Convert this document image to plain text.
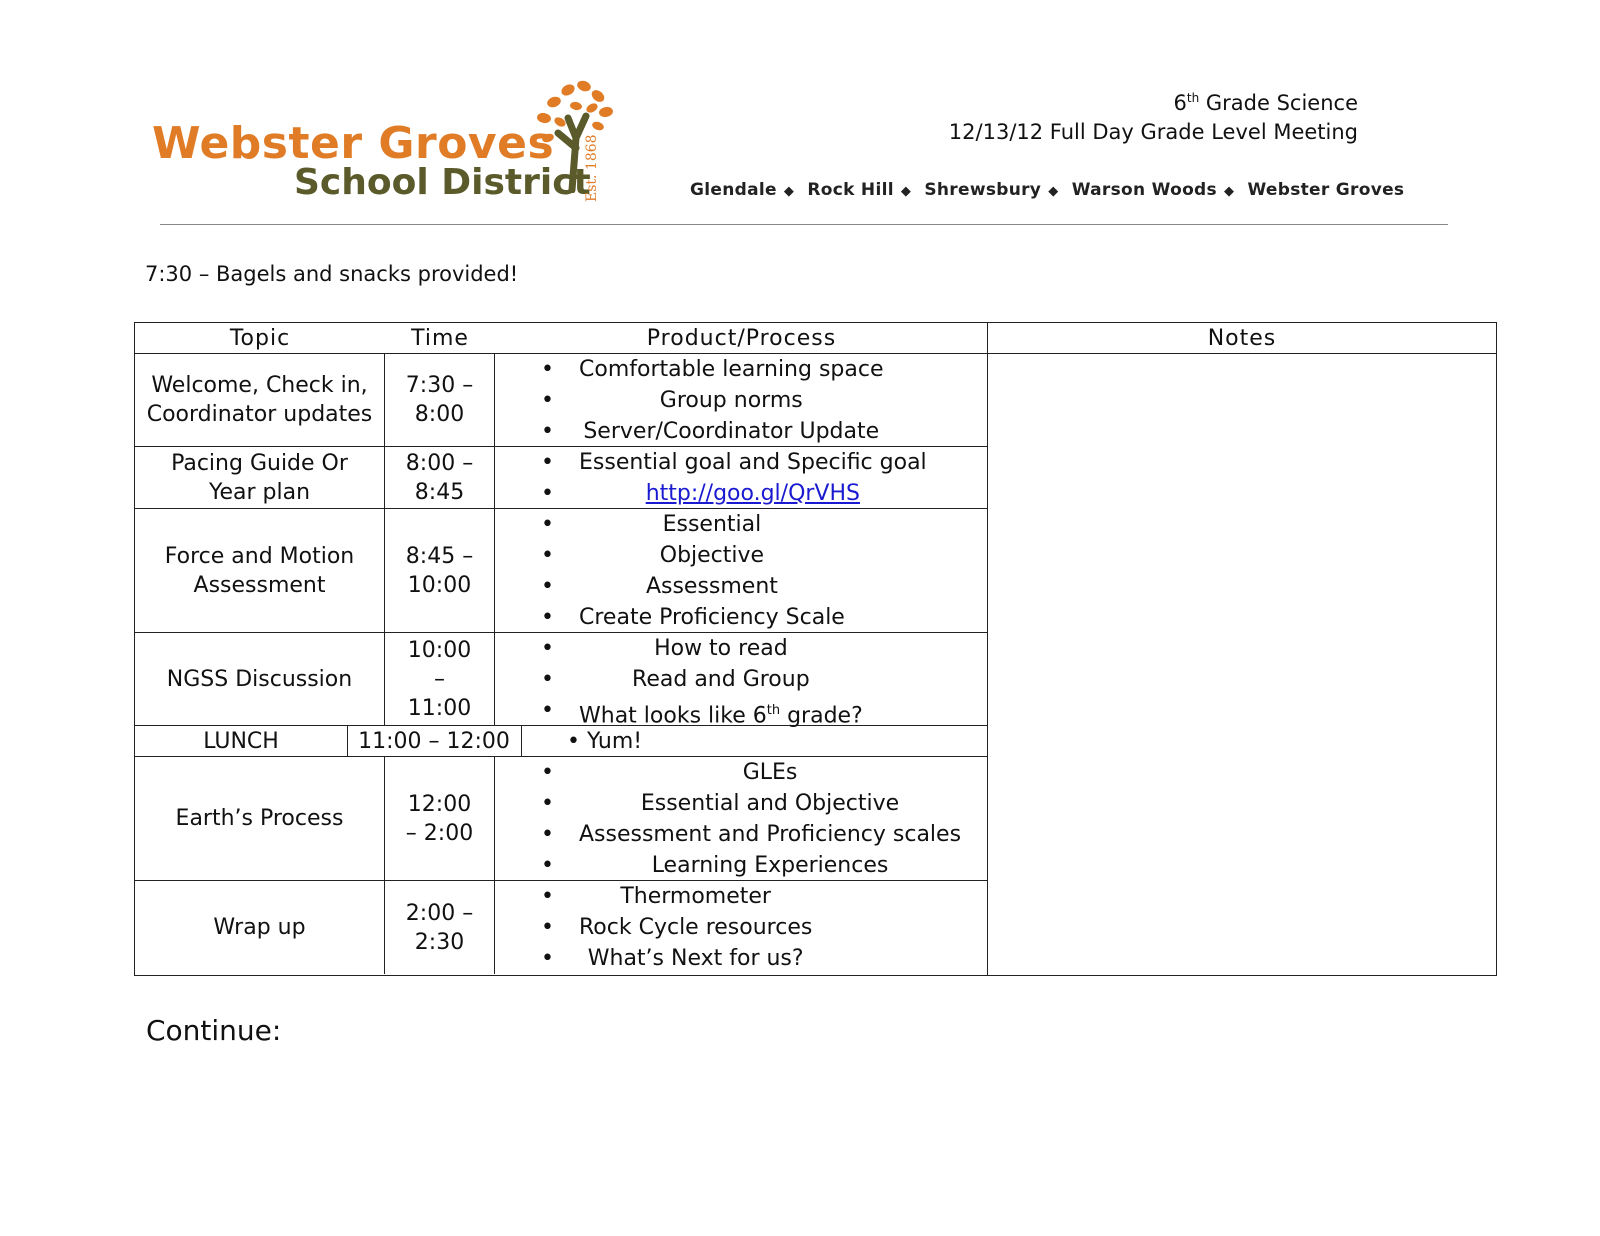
Webster Groves
School District
Est. 1868
6th Grade Science
12/13/12 Full Day Grade Level Meeting
Glendale ◆ Rock Hill ◆ Shrewsbury ◆ Warson Woods ◆ Webster Groves
7:30 – Bagels and snacks provided!
Topic	Time	Product/Process	Notes
Welcome, Check in, Coordinator updates
7:30 – 8:00
• Comfortable learning space
• Group norms
• Server/Coordinator Update
Pacing Guide Or Year plan
8:00 – 8:45
• Essential goal and Specific goal
• http://goo.gl/QrVHS
Force and Motion Assessment
8:45 – 10:00
• Essential
• Objective
• Assessment
• Create Proficiency Scale
NGSS Discussion
10:00 – 11:00
• How to read
• Read and Group
• What looks like 6th grade?
LUNCH	11:00 – 12:00
•	Yum!
Earth’s Process
12:00 – 2:00
• GLEs
• Essential and Objective
• Assessment and Proficiency scales
• Learning Experiences
Wrap up
2:00 – 2:30
• Thermometer
• Rock Cycle resources
• What’s Next for us?
Continue:
